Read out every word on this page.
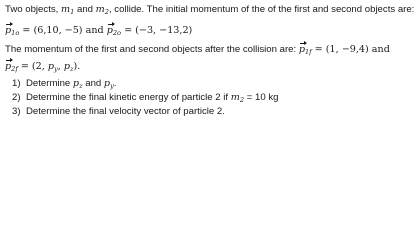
Two objects, $m_1$ and $m_2$, collide. The initial momentum of the of the first and second objects are:
$p_{1o} = (6,10$, −5) and $p_{2o} = (-3$, −13,2)
The momentum of the first and second objects after the collision are: $p_{1f} = (1$, −9,4) and
$p_{2f} = (2$, $p_y$, $p_z$).
1) Determine $p_z$ and $p_y$.
2) Determine the final kinetic energy of particle 2 if $m_2 = 10$ kg
3) Determine the final velocity vector of particle 2.
